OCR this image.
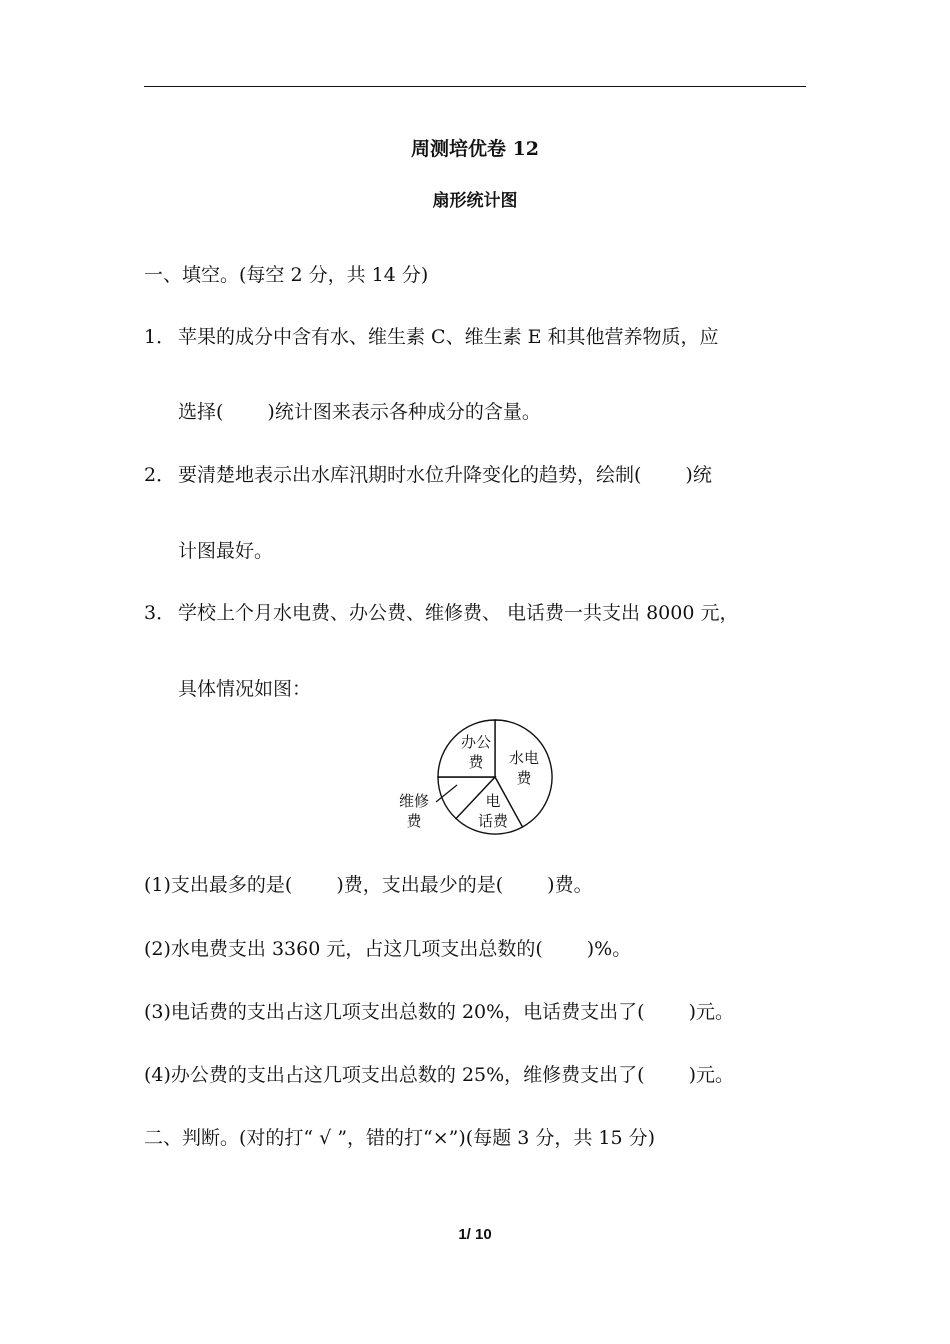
周测培优卷 12
扇形统计图
一、填空。(每空 2 分，共 14 分)
1． 苹果的成分中含有水、维生素 C、维生素 E 和其他营养物质，应
选择( )统计图来表示各种成分的含量。
2． 要清楚地表示出水库汛期时水位升降变化的趋势，绘制( )统
计图最好。
3． 学校上个月水电费、办公费、维修费、 电话费一共支出 8000 元，
具体情况如图：
水电
费
电
话费
维修
费
办公
费
(1)支出最多的是( )费，支出最少的是( )费。
(2)水电费支出 3360 元，占这几项支出总数的( )%。
(3)电话费的支出占这几项支出总数的 20%，电话费支出了( )元。
(4)办公费的支出占这几项支出总数的 25%，维修费支出了( )元。
二、判断。(对的打“ √ ”，错的打“×”)(每题 3 分，共 15 分)
1/ 10
